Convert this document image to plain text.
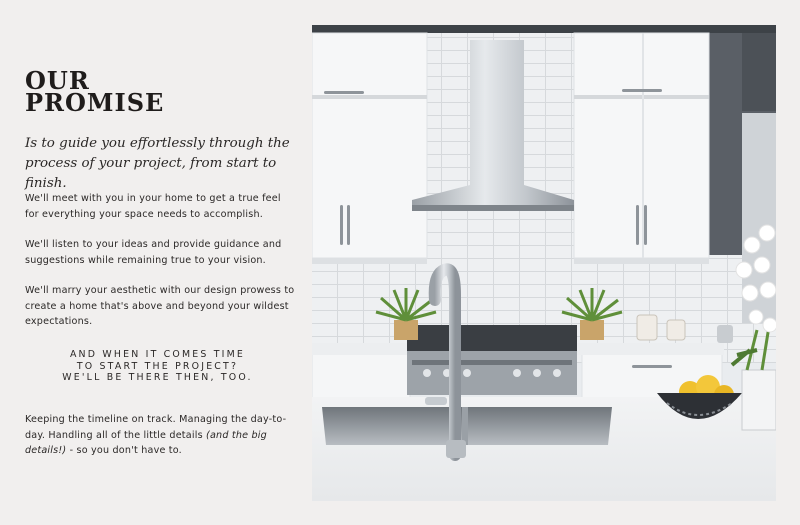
OUR
PROMISE

Is to guide you effortlessly through the process of your project, from start to finish.

We'll meet with you in your home to get a true feel for everything your space needs to accomplish.

We'll listen to your ideas and provide guidance and suggestions while remaining true to your vision.

We'll marry your aesthetic with our design prowess to create a home that's above and beyond your wildest expectations.

AND WHEN IT COMES TIME
TO START THE PROJECT?
WE'LL BE THERE THEN, TOO.

Keeping the timeline on track. Managing the day-to-day. Handling all of the little details (and the big details!) - so you don't have to.
